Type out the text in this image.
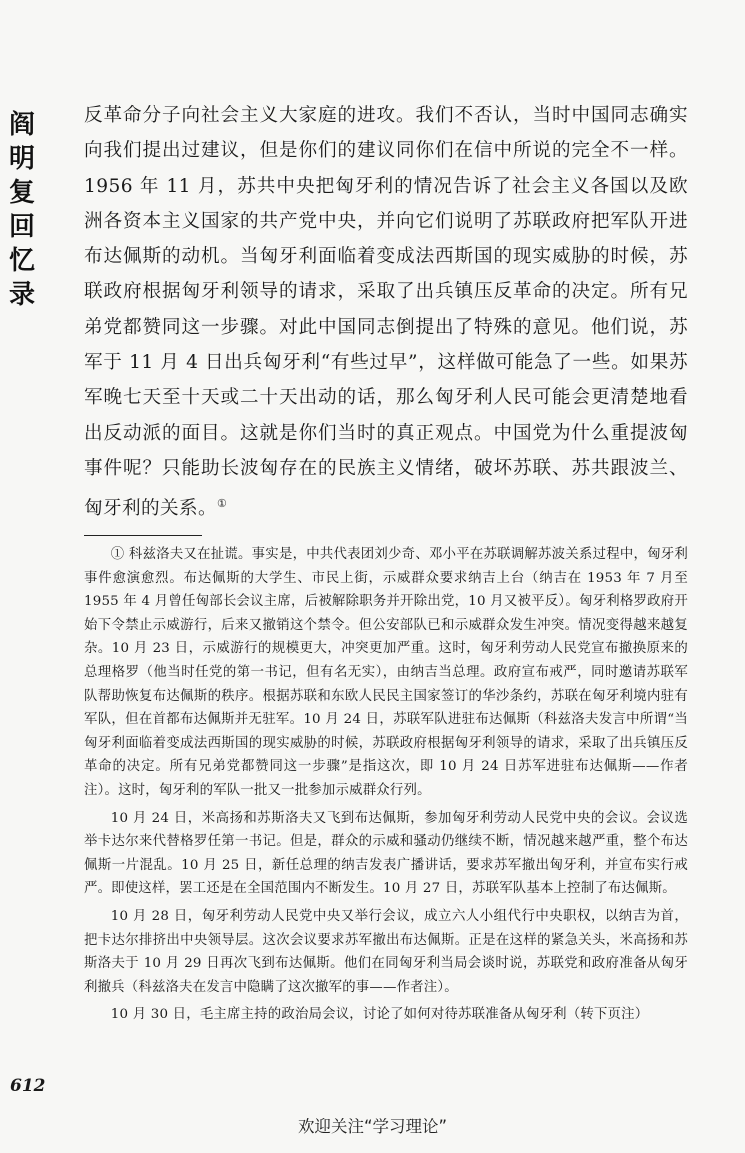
阎
明
复
回
忆
录

反革命分子向社会主义大家庭的进攻。我们不否认，当时中国同志确实向我们提出过建议，但是你们的建议同你们在信中所说的完全不一样。1956 年 11 月，苏共中央把匈牙利的情况告诉了社会主义各国以及欧洲各资本主义国家的共产党中央，并向它们说明了苏联政府把军队开进布达佩斯的动机。当匈牙利面临着变成法西斯国的现实威胁的时候，苏联政府根据匈牙利领导的请求，采取了出兵镇压反革命的决定。所有兄弟党都赞同这一步骤。对此中国同志倒提出了特殊的意见。他们说，苏军于 11 月 4 日出兵匈牙利“有些过早”，这样做可能急了一些。如果苏军晚七天至十天或二十天出动的话，那么匈牙利人民可能会更清楚地看出反动派的面目。这就是你们当时的真正观点。中国党为什么重提波匈事件呢？只能助长波匈存在的民族主义情绪，破坏苏联、苏共跟波兰、匈牙利的关系。①

① 科兹洛夫又在扯谎。事实是，中共代表团刘少奇、邓小平在苏联调解苏波关系过程中，匈牙利事件愈演愈烈。布达佩斯的大学生、市民上街，示威群众要求纳吉上台（纳吉在 1953 年 7 月至 1955 年 4 月曾任匈部长会议主席，后被解除职务并开除出党，10 月又被平反）。匈牙利格罗政府开始下令禁止示威游行，后来又撤销这个禁令。但公安部队已和示威群众发生冲突。情况变得越来越复杂。10 月 23 日，示威游行的规模更大，冲突更加严重。这时，匈牙利劳动人民党宣布撤换原来的总理格罗（他当时任党的第一书记，但有名无实），由纳吉当总理。政府宣布戒严，同时邀请苏联军队帮助恢复布达佩斯的秩序。根据苏联和东欧人民民主国家签订的华沙条约，苏联在匈牙利境内驻有军队，但在首都布达佩斯并无驻军。10 月 24 日，苏联军队进驻布达佩斯（科兹洛夫发言中所谓“当匈牙利面临着变成法西斯国的现实威胁的时候，苏联政府根据匈牙利领导的请求，采取了出兵镇压反革命的决定。所有兄弟党都赞同这一步骤”是指这次，即 10 月 24 日苏军进驻布达佩斯——作者注）。这时，匈牙利的军队一批又一批参加示威群众行列。

10 月 24 日，米高扬和苏斯洛夫又飞到布达佩斯，参加匈牙利劳动人民党中央的会议。会议选举卡达尔来代替格罗任第一书记。但是，群众的示威和骚动仍继续不断，情况越来越严重，整个布达佩斯一片混乱。10 月 25 日，新任总理的纳吉发表广播讲话，要求苏军撤出匈牙利，并宣布实行戒严。即使这样，罢工还是在全国范围内不断发生。10 月 27 日，苏联军队基本上控制了布达佩斯。

10 月 28 日，匈牙利劳动人民党中央又举行会议，成立六人小组代行中央职权，以纳吉为首，把卡达尔排挤出中央领导层。这次会议要求苏军撤出布达佩斯。正是在这样的紧急关头，米高扬和苏斯洛夫于 10 月 29 日再次飞到布达佩斯。他们在同匈牙利当局会谈时说，苏联党和政府准备从匈牙利撤兵（科兹洛夫在发言中隐瞒了这次撤军的事——作者注）。

10 月 30 日，毛主席主持的政治局会议，讨论了如何对待苏联准备从匈牙利（转下页注）

612
欢迎关注“学习理论”
